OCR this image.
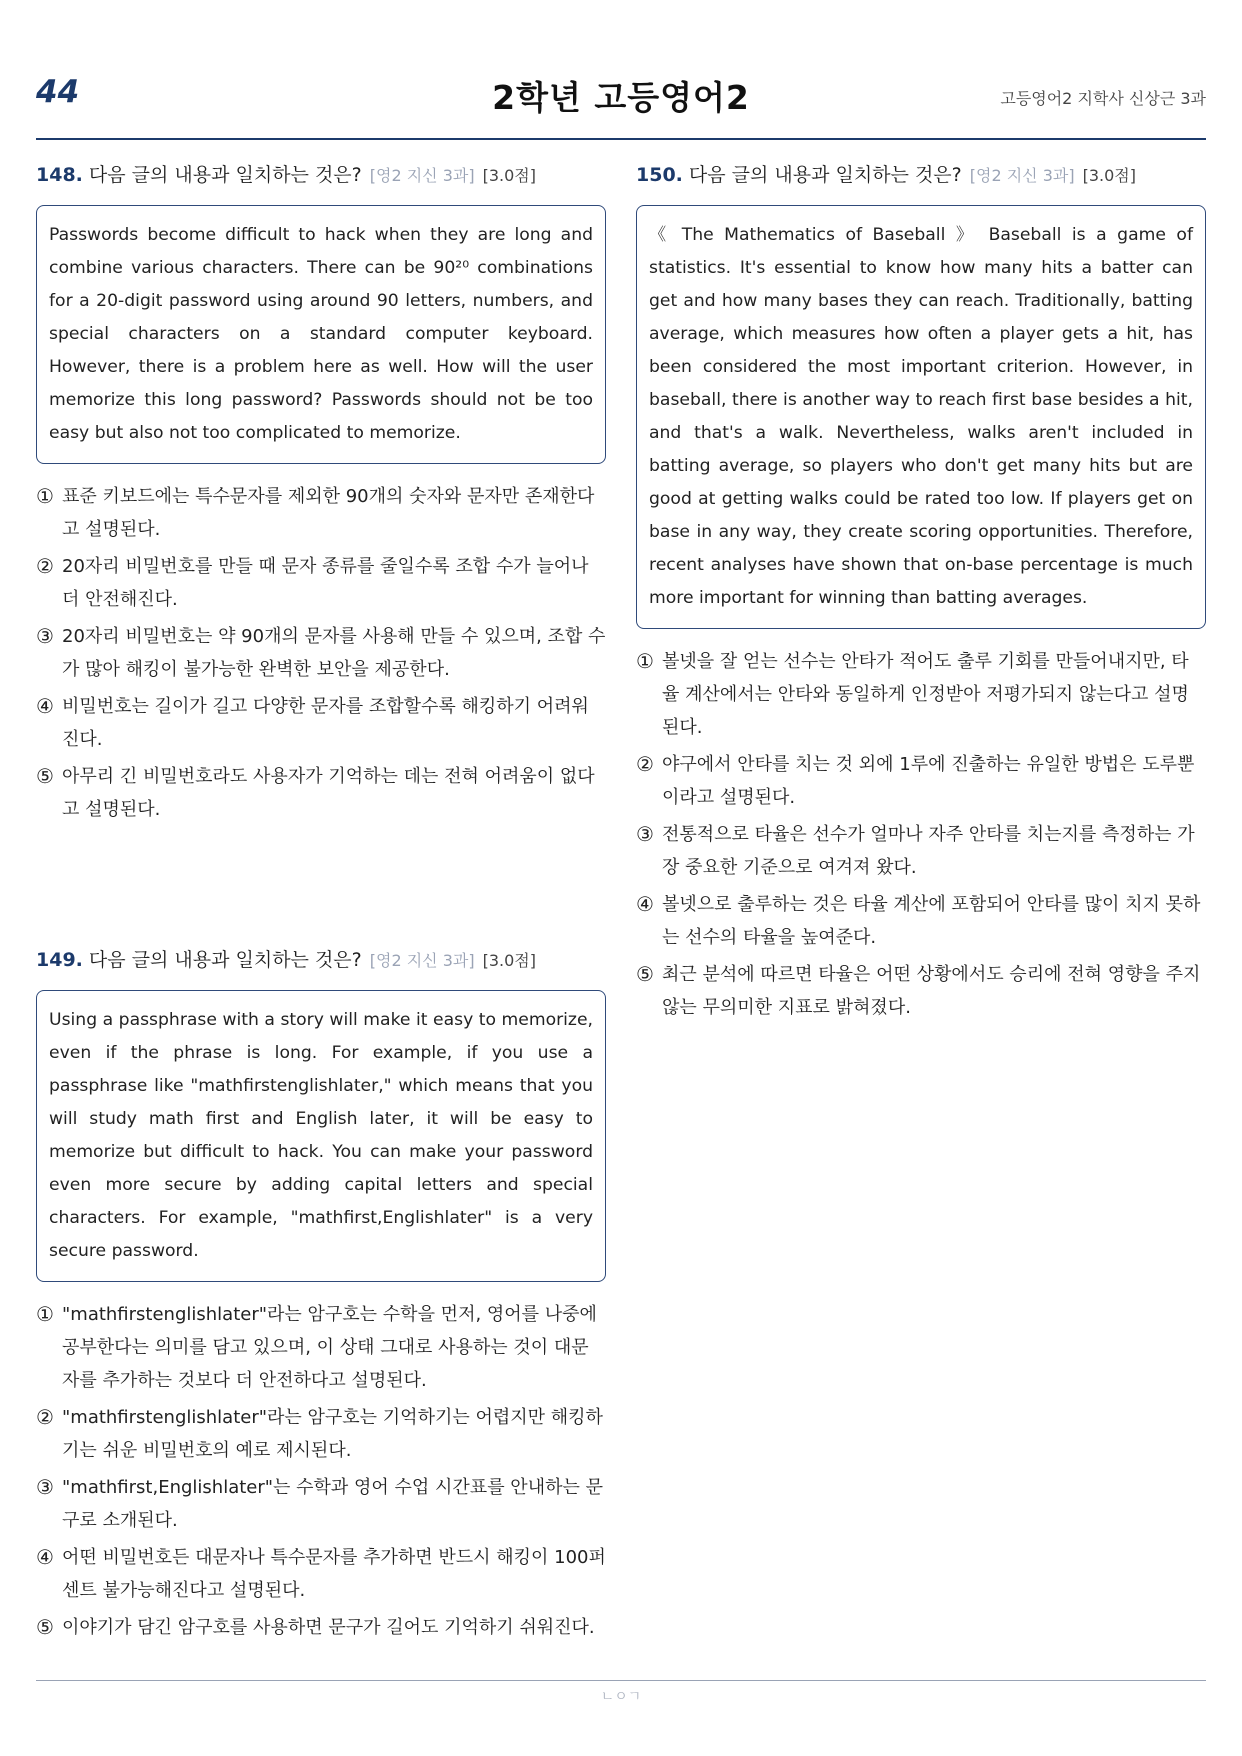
44	2학년 고등영어2	고등영어2 지학사 신상근 3과
148. 다음 글의 내용과 일치하는 것은? [영2 지신 3과] [3.0점]
Passwords become difficult to hack when they are long and combine various characters. There can be 90²⁰ combinations for a 20-digit password using around 90 letters, numbers, and special characters on a standard computer keyboard. However, there is a problem here as well. How will the user memorize this long password? Passwords should not be too easy but also not too complicated to memorize.
① 표준 키보드에는 특수문자를 제외한 90개의 숫자와 문자만 존재한다고 설명된다.
② 20자리 비밀번호를 만들 때 문자 종류를 줄일수록 조합 수가 늘어나 더 안전해진다.
③ 20자리 비밀번호는 약 90개의 문자를 사용해 만들 수 있으며, 조합 수가 많아 해킹이 불가능한 완벽한 보안을 제공한다.
④ 비밀번호는 길이가 길고 다양한 문자를 조합할수록 해킹하기 어려워진다.
⑤ 아무리 긴 비밀번호라도 사용자가 기억하는 데는 전혀 어려움이 없다고 설명된다.
149. 다음 글의 내용과 일치하는 것은? [영2 지신 3과] [3.0점]
Using a passphrase with a story will make it easy to memorize, even if the phrase is long. For example, if you use a passphrase like "mathfirstenglishlater," which means that you will study math first and English later, it will be easy to memorize but difficult to hack. You can make your password even more secure by adding capital letters and special characters. For example, "mathfirst,Englishlater" is a very secure password.
① "mathfirstenglishlater"라는 암구호는 수학을 먼저, 영어를 나중에 공부한다는 의미를 담고 있으며, 이 상태 그대로 사용하는 것이 대문자를 추가하는 것보다 더 안전하다고 설명된다.
② "mathfirstenglishlater"라는 암구호는 기억하기는 어렵지만 해킹하기는 쉬운 비밀번호의 예로 제시된다.
③ "mathfirst,Englishlater"는 수학과 영어 수업 시간표를 안내하는 문구로 소개된다.
④ 어떤 비밀번호든 대문자나 특수문자를 추가하면 반드시 해킹이 100퍼센트 불가능해진다고 설명된다.
⑤ 이야기가 담긴 암구호를 사용하면 문구가 길어도 기억하기 쉬워진다.
150. 다음 글의 내용과 일치하는 것은? [영2 지신 3과] [3.0점]
《 The Mathematics of Baseball 》 Baseball is a game of statistics. It's essential to know how many hits a batter can get and how many bases they can reach. Traditionally, batting average, which measures how often a player gets a hit, has been considered the most important criterion. However, in baseball, there is another way to reach first base besides a hit, and that's a walk. Nevertheless, walks aren't included in batting average, so players who don't get many hits but are good at getting walks could be rated too low. If players get on base in any way, they create scoring opportunities. Therefore, recent analyses have shown that on-base percentage is much more important for winning than batting averages.
① 볼넷을 잘 얻는 선수는 안타가 적어도 출루 기회를 만들어내지만, 타율 계산에서는 안타와 동일하게 인정받아 저평가되지 않는다고 설명된다.
② 야구에서 안타를 치는 것 외에 1루에 진출하는 유일한 방법은 도루뿐이라고 설명된다.
③ 전통적으로 타율은 선수가 얼마나 자주 안타를 치는지를 측정하는 가장 중요한 기준으로 여겨져 왔다.
④ 볼넷으로 출루하는 것은 타율 계산에 포함되어 안타를 많이 치지 못하는 선수의 타율을 높여준다.
⑤ 최근 분석에 따르면 타율은 어떤 상황에서도 승리에 전혀 영향을 주지 않는 무의미한 지표로 밝혀졌다.
ㄴㅇㄱ
